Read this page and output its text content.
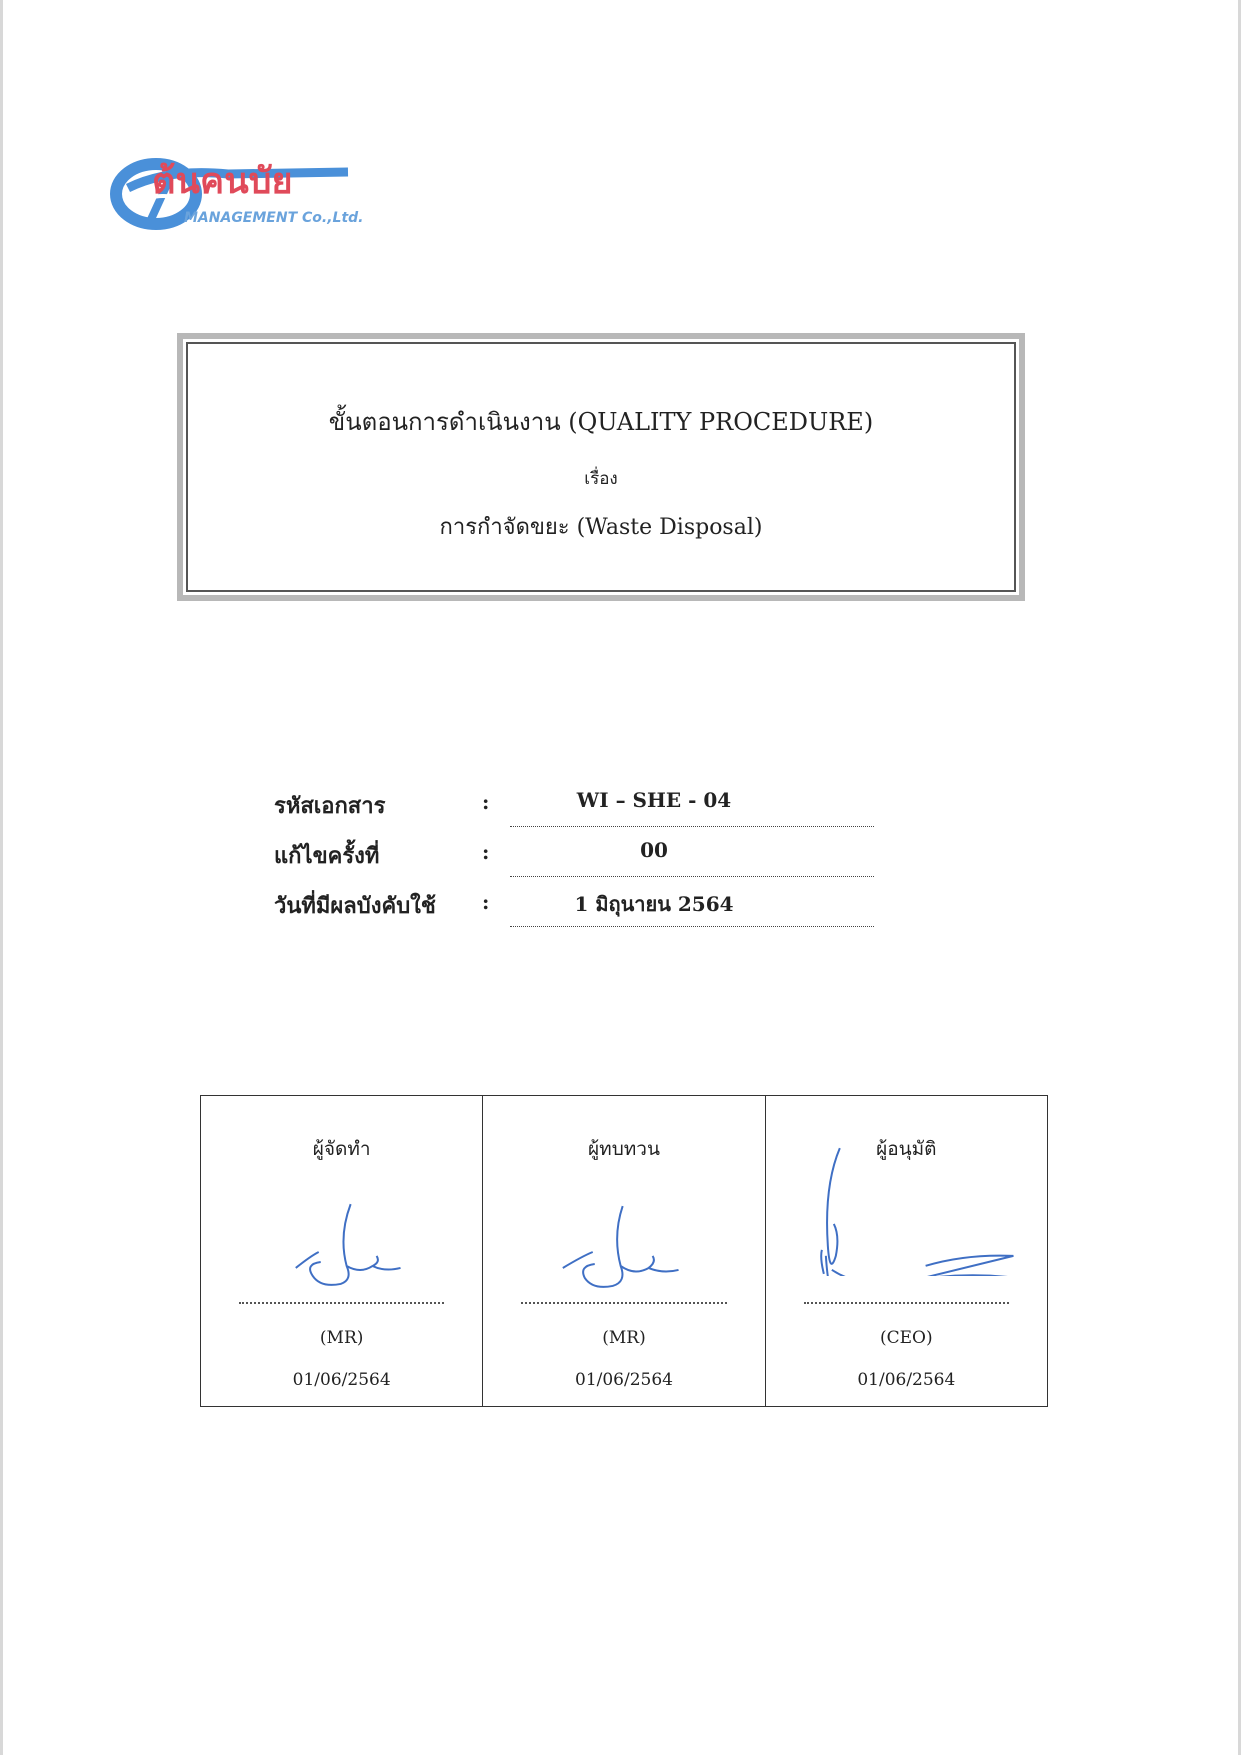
ต้นคนบัย
MANAGEMENT Co.,Ltd.
ขั้นตอนการดำเนินงาน (QUALITY PROCEDURE)
เรื่อง
การกำจัดขยะ (Waste Disposal)
รหัสเอกสาร	:	WI – SHE - 04
แก้ไขครั้งที่	:	00
วันที่มีผลบังคับใช้ :	1 มิถุนายน 2564
ผู้จัดทำ
(MR)
01/06/2564
ผู้ทบทวน
(MR)
01/06/2564
ผู้อนุมัติ
(CEO)
01/06/2564
